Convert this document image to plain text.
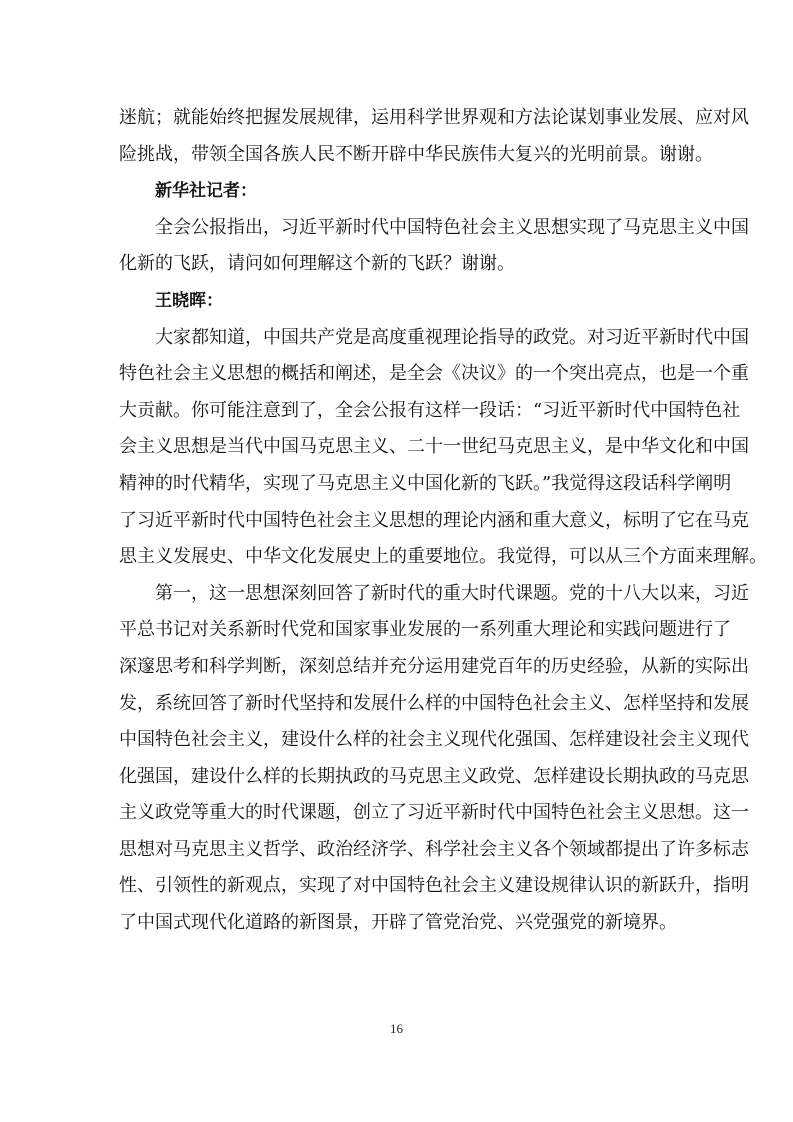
迷航；就能始终把握发展规律，运用科学世界观和方法论谋划事业发展、应对风
险挑战，带领全国各族人民不断开辟中华民族伟大复兴的光明前景。谢谢。
新华社记者：
全会公报指出，习近平新时代中国特色社会主义思想实现了马克思主义中国
化新的飞跃，请问如何理解这个新的飞跃？谢谢。
王晓晖：
大家都知道，中国共产党是高度重视理论指导的政党。对习近平新时代中国
特色社会主义思想的概括和阐述，是全会《决议》的一个突出亮点，也是一个重
大贡献。你可能注意到了，全会公报有这样一段话：“习近平新时代中国特色社
会主义思想是当代中国马克思主义、二十一世纪马克思主义，是中华文化和中国
精神的时代精华，实现了马克思主义中国化新的飞跃。”我觉得这段话科学阐明
了习近平新时代中国特色社会主义思想的理论内涵和重大意义，标明了它在马克
思主义发展史、中华文化发展史上的重要地位。我觉得，可以从三个方面来理解。
第一，这一思想深刻回答了新时代的重大时代课题。党的十八大以来，习近
平总书记对关系新时代党和国家事业发展的一系列重大理论和实践问题进行了
深邃思考和科学判断，深刻总结并充分运用建党百年的历史经验，从新的实际出
发，系统回答了新时代坚持和发展什么样的中国特色社会主义、怎样坚持和发展
中国特色社会主义，建设什么样的社会主义现代化强国、怎样建设社会主义现代
化强国，建设什么样的长期执政的马克思主义政党、怎样建设长期执政的马克思
主义政党等重大的时代课题，创立了习近平新时代中国特色社会主义思想。这一
思想对马克思主义哲学、政治经济学、科学社会主义各个领域都提出了许多标志
性、引领性的新观点，实现了对中国特色社会主义建设规律认识的新跃升，指明
了中国式现代化道路的新图景，开辟了管党治党、兴党强党的新境界。
16
